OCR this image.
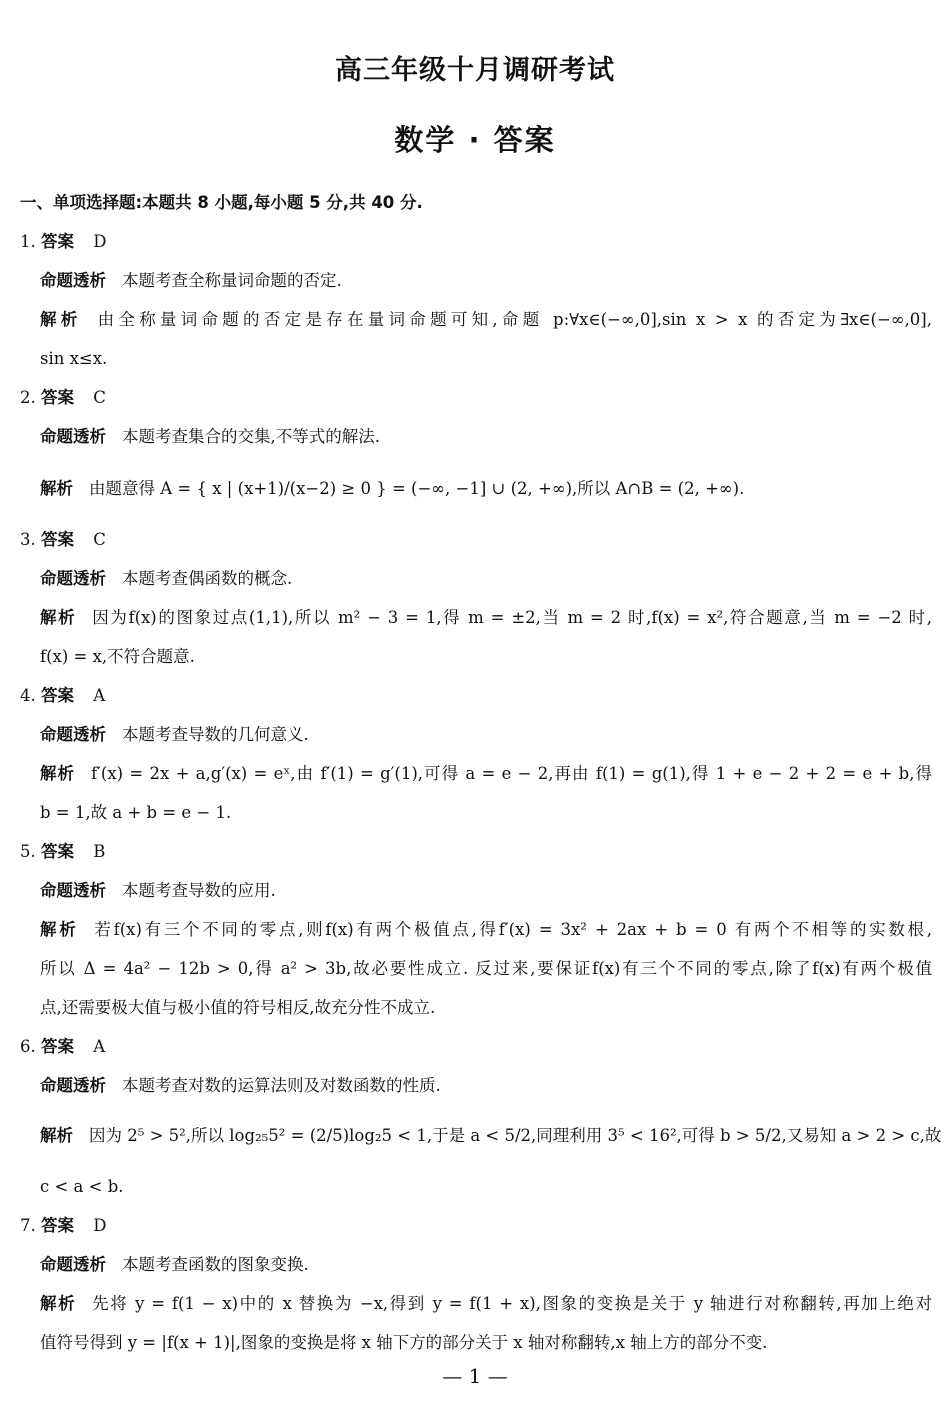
高三年级十月调研考试
数学 · 答案
一、单项选择题:本题共 8 小题,每小题 5 分,共 40 分.
1. 答案 D
命题透析 本题考查全称量词命题的否定.
解析 由全称量词命题的否定是存在量词命题可知,命题 p:∀x∈(−∞,0],sin x > x 的否定为∃x∈(−∞,0],
sin x≤x.
2. 答案 C
命题透析 本题考查集合的交集,不等式的解法.
解析 由题意得 A = { x | (x+1)/(x−2) ≥ 0 } = (−∞, −1] ∪ (2, +∞),所以 A∩B = (2, +∞).
3. 答案 C
命题透析 本题考查偶函数的概念.
解析 因为f(x)的图象过点(1,1),所以 m² − 3 = 1,得 m = ±2,当 m = 2 时,f(x) = x²,符合题意,当 m = −2 时,
f(x) = x,不符合题意.
4. 答案 A
命题透析 本题考查导数的几何意义.
解析 f′(x) = 2x + a,g′(x) = eˣ,由 f′(1) = g′(1),可得 a = e − 2,再由 f(1) = g(1),得 1 + e − 2 + 2 = e + b,得
b = 1,故 a + b = e − 1.
5. 答案 B
命题透析 本题考查导数的应用.
解析 若f(x)有三个不同的零点,则f(x)有两个极值点,得f′(x) = 3x² + 2ax + b = 0 有两个不相等的实数根,
所以 Δ = 4a² − 12b > 0,得 a² > 3b,故必要性成立. 反过来,要保证f(x)有三个不同的零点,除了f(x)有两个极值
点,还需要极大值与极小值的符号相反,故充分性不成立.
6. 答案 A
命题透析 本题考查对数的运算法则及对数函数的性质.
解析 因为 2⁵ > 5²,所以 log₂₅5² = (2/5)log₂5 < 1,于是 a < 5/2,同理利用 3⁵ < 16²,可得 b > 5/2,又易知 a > 2 > c,故
c < a < b.
7. 答案 D
命题透析 本题考查函数的图象变换.
解析 先将 y = f(1 − x)中的 x 替换为 −x,得到 y = f(1 + x),图象的变换是关于 y 轴进行对称翻转,再加上绝对
值符号得到 y = |f(x + 1)|,图象的变换是将 x 轴下方的部分关于 x 轴对称翻转,x 轴上方的部分不变.
— 1 —
